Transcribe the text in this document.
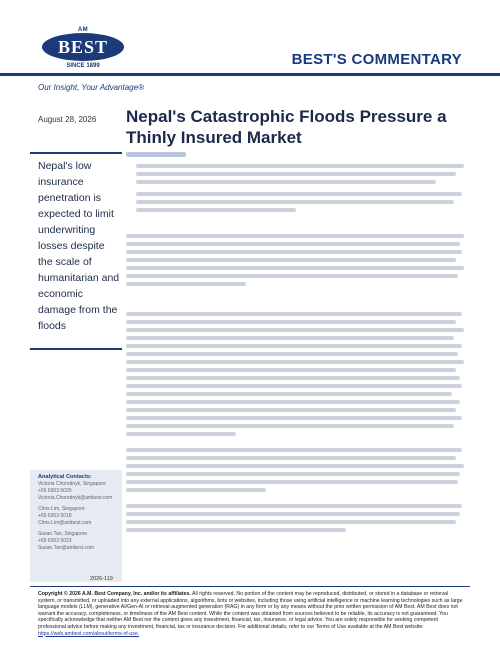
AM
BEST
SINCE 1899	BEST'S COMMENTARY
Our Insight, Your Advantage®
August 28, 2026 Nepal's Catastrophic Floods Pressure a Thinly Insured Market
Nepal's low insurance penetration is expected to limit underwriting losses despite the scale of humanitarian and economic damage from the floods
Analytical Contacts:
Victoria Chorodnyk, Singapore
+65 6303 5020
Victoria.Chorodnyk@ambest.com
Chris Lim, Singapore
+65 6303 5018
Chris.Lim@ambest.com
Susan Tan, Singapore
+65 6303 5023
Susan.Tan@ambest.com
2026-119
Copyright © 2026 A.M. Best Company, Inc. and/or its affiliates. All rights reserved. No portion of the content may be reproduced, distributed, or stored in a database or retrieval system, or transmitted, or uploaded into any external applications, algorithms, bots or websites, including those using artificial intelligence or machine learning technologies such as large language models (LLM), generative AI/Gen-AI or retrieval-augmented generation (RAG) in any form or by any means without the prior written permission of AM Best. AM Best does not warrant the accuracy, completeness, or timeliness of the AM Best content. While the content was obtained from sources believed to be reliable, its accuracy is not guaranteed. You specifically acknowledge that neither AM Best nor the content gives any investment, financial, tax, insurance, or legal advice. You are solely responsible for seeking competent professional advice before making any investment, financial, tax or insurance decision. For additional details, refer to our Terms of Use available at the AM Best website: https://web.ambest.com/about/terms-of-use.
